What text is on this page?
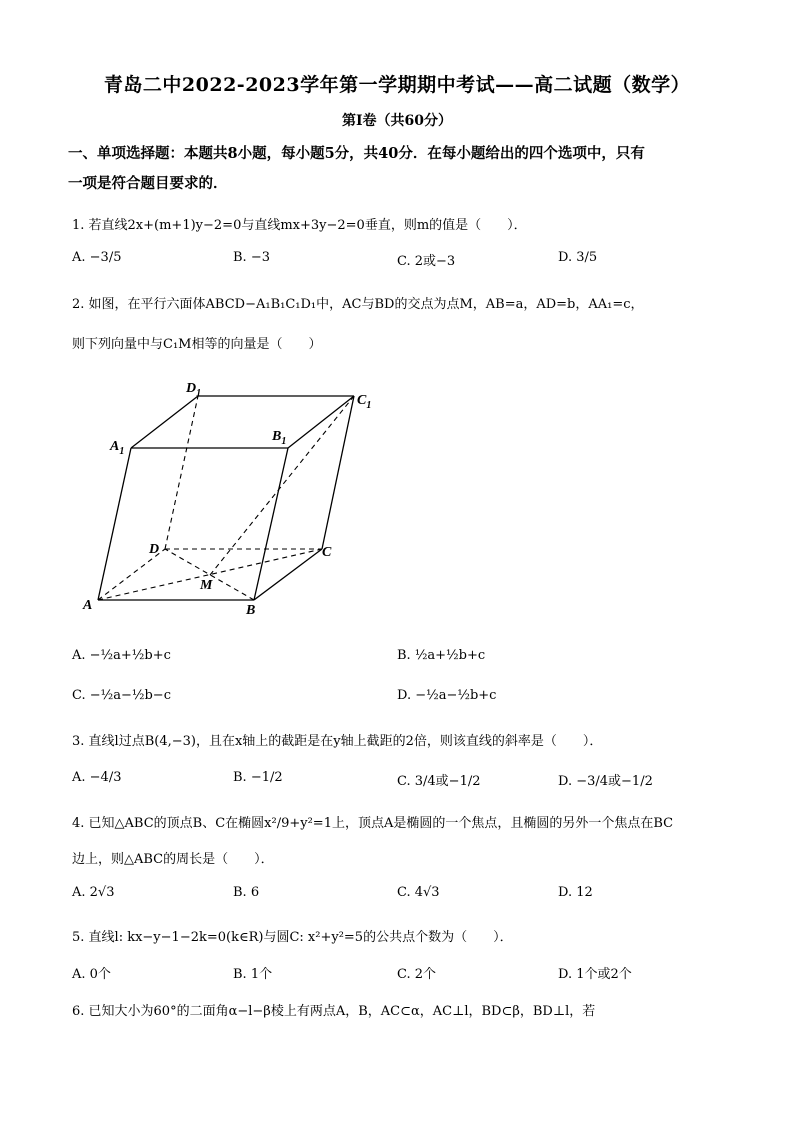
青岛二中2022-2023学年第一学期期中考试——高二试题（数学）
第Ⅰ卷（共60分）
一、单项选择题：本题共8小题，每小题5分，共40分．在每小题给出的四个选项中，只有
一项是符合题目要求的．
1. 若直线2x+(m+1)y−2=0与直线mx+3y−2=0垂直，则m的值是（　　）．
A. −3/5	B. −3	C. 2或−3	D. 3/5
2. 如图，在平行六面体ABCD−A₁B₁C₁D₁中，AC与BD的交点为点M，AB=a，AD=b，AA₁=c，
则下列向量中与C₁M相等的向量是（　　）
$D_1$	$C_1$
$A_1$
$B_1$
D	C
M
A	B
A. −½a+½b+c	B. ½a+½b+c
C. −½a−½b−c	D. −½a−½b+c
3. 直线l过点B(4,−3)，且在x轴上的截距是在y轴上截距的2倍，则该直线的斜率是（　　）．
A. −4/3	B. −1/2	C. 3/4或−1/2	D. −3/4或−1/2
4. 已知△ABC的顶点B、C在椭圆x²/9+y²=1上，顶点A是椭圆的一个焦点，且椭圆的另外一个焦点在BC
边上，则△ABC的周长是（　　）．
A. 2√3	B. 6	C. 4√3	D. 12
5. 直线l: kx−y−1−2k=0(k∈R)与圆C: x²+y²=5的公共点个数为（　　）．
A. 0个	B. 1个	C. 2个	D. 1个或2个
6. 已知大小为60°的二面角α−l−β棱上有两点A，B，AC⊂α，AC⊥l，BD⊂β，BD⊥l，若
